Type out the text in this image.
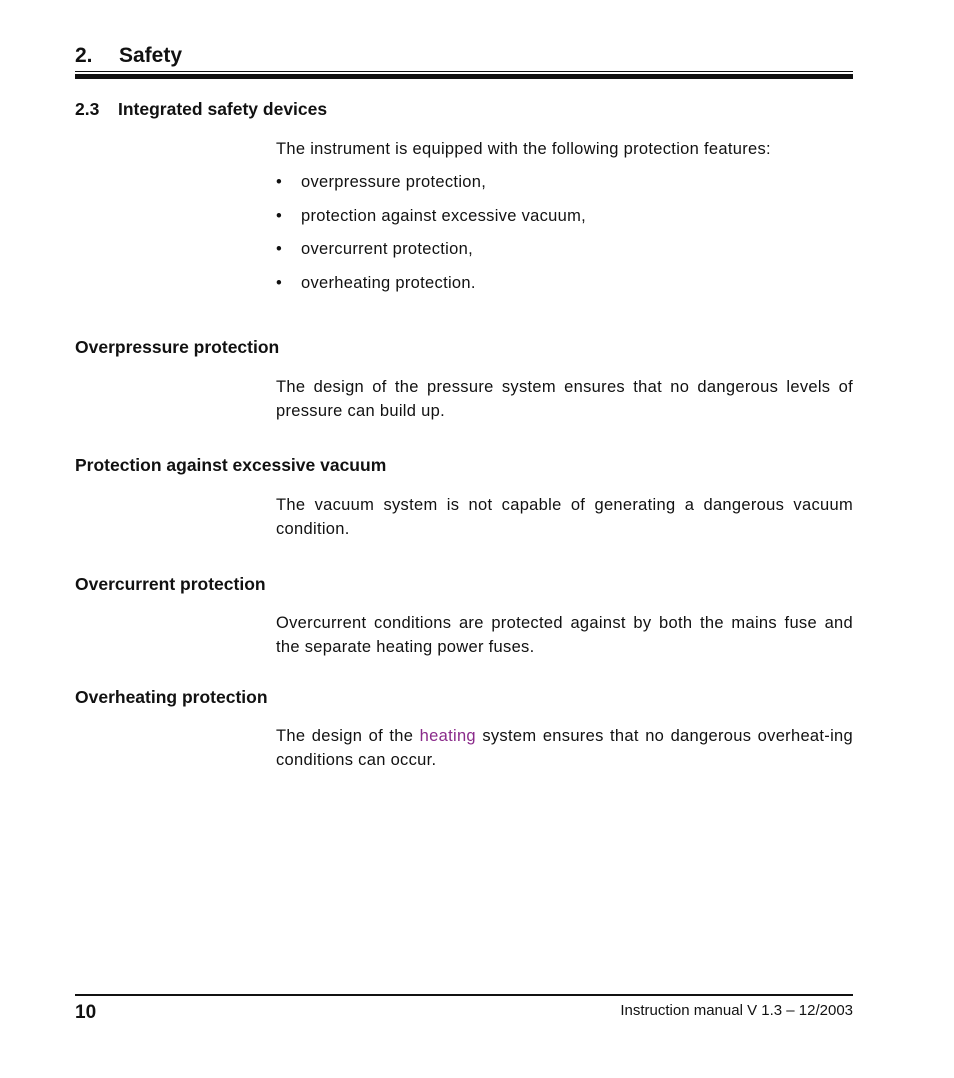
2. Safety
2.3 Integrated safety devices
The instrument is equipped with the following protection features:
• overpressure protection,
• protection against excessive vacuum,
• overcurrent protection,
• overheating protection.
Overpressure protection
The design of the pressure system ensures that no dangerous levels of pressure can build up.
Protection against excessive vacuum
The vacuum system is not capable of generating a dangerous vacuum condition.
Overcurrent protection
Overcurrent conditions are protected against by both the mains fuse and the separate heating power fuses.
Overheating protection
The design of the heating system ensures that no dangerous overheat-ing conditions can occur.
10	Instruction manual V 1.3 – 12/2003
